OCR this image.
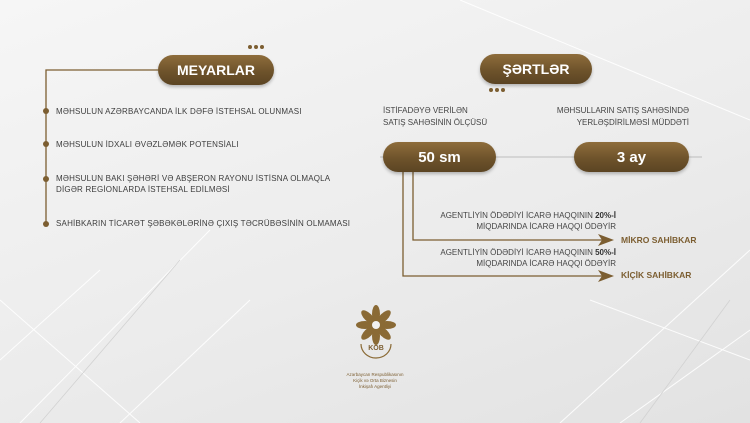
MEYARLAR
MƏHSULUN AZƏRBAYCANDA İLK DƏFƏ İSTEHSAL OLUNMASI
MƏHSULUN İDXALI ƏVƏZLƏMƏK POTENSİALI
MƏHSULUN BAKI ŞƏHƏRİ VƏ ABŞERON RAYONU İSTİSNA OLMAQLA
DİGƏR REGİONLARDA İSTEHSAL EDİLMƏSİ
SAHİBKARIN TİCARƏT ŞƏBƏKƏLƏRİNƏ ÇIXIŞ TƏCRÜBƏSİNİN OLMAMASI
ŞƏRTLƏR
İSTİFADƏYƏ VERİLƏN
SATIŞ SAHƏSİNİN ÖLÇÜSÜ
MƏHSULLARIN SATIŞ SAHƏSİNDƏ
YERLƏŞDİRİLMƏSİ MÜDDƏTİ
50 sm	3 ay
AGENTLİYİN ÖDƏDİYİ İCARƏ HAQQININ 20%-İ
MİQDARINDA İCARƏ HAQQI ÖDƏYİR
MİKRO SAHİBKAR
AGENTLİYİN ÖDƏDİYİ İCARƏ HAQQININ 50%-İ
MİQDARINDA İCARƏ HAQQI ÖDƏYİR
KİÇİK SAHİBKAR
KOB
Azərbaycan Respublikasının
Kiçik və Orta Biznesin
İnkişafı Agentliyi
